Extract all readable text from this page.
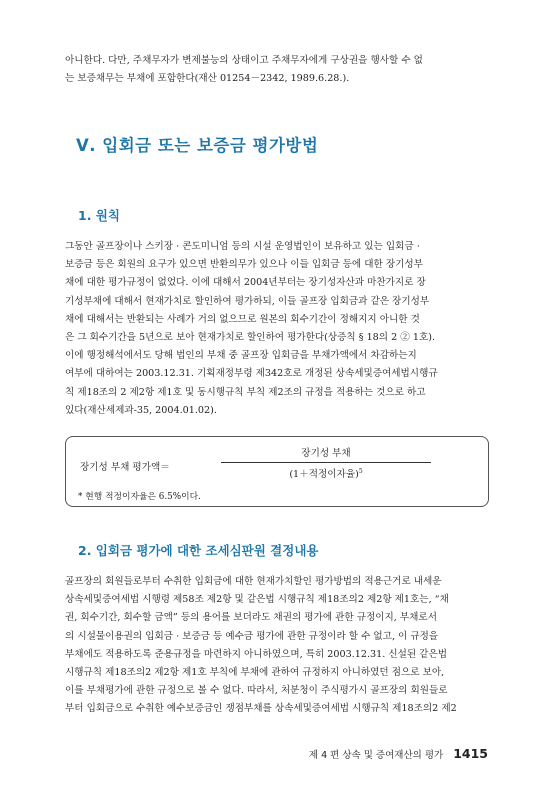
아니한다. 다만, 주채무자가 변제불능의 상태이고 주채무자에게 구상권을 행사할 수 없
는 보증채무는 부채에 포함한다(재산 01254－2342, 1989.6.28.).
Ⅴ. 입회금 또는 보증금 평가방법
1. 원칙
그동안 골프장이나 스키장 · 콘도미니엄 등의 시설 운영법인이 보유하고 있는 입회금 ·
보증금 등은 회원의 요구가 있으면 반환의무가 있으나 이들 입회금 등에 대한 장기성부
채에 대한 평가규정이 없었다. 이에 대해서 2004년부터는 장기성자산과 마찬가지로 장
기성부채에 대해서 현재가치로 할인하여 평가하되, 이들 골프장 입회금과 같은 장기성부
채에 대해서는 반환되는 사례가 거의 없으므로 원본의 회수기간이 정해지지 아니한 것
은 그 회수기간을 5년으로 보아 현재가치로 할인하여 평가한다(상증칙 § 18의 2 ② 1호).
이에 행정해석에서도 당해 법인의 부채 중 골프장 입회금을 부채가액에서 차감하는지
여부에 대하여는 2003.12.31. 기획재정부령 제342호로 개정된 상속세및증여세법시행규
칙 제18조의 2 제2항 제1호 및 동시행규칙 부칙 제2조의 규정을 적용하는 것으로 하고
있다(재산세제과-35, 2004.01.02).
장기성 부채 평가액＝
장기성 부채
(1＋적정이자율)$^5$
* 현행 적정이자율은 6.5%이다.
2. 입회금 평가에 대한 조세심판원 결정내용
골프장의 회원들로부터 수취한 입회금에 대한 현재가치할인 평가방법의 적용근거로 내세운
상속세및증여세법 시행령 제58조 제2항 및 같은법 시행규칙 제18조의2 제2항 제1호는, “채
권, 회수기간, 회수할 금액” 등의 용어를 보더라도 채권의 평가에 관한 규정이지, 부채로서
의 시설물이용권의 입회금 · 보증금 등 예수금 평가에 관한 규정이라 할 수 없고, 이 규정을
부채에도 적용하도록 준용규정을 마련하지 아니하였으며, 특히 2003.12.31. 신설된 같은법
시행규칙 제18조의2 제2항 제1호 부칙에 부채에 관하여 규정하지 아니하였던 점으로 보아,
이를 부채평가에 관한 규정으로 볼 수 없다. 따라서, 처분청이 주식평가시 골프장의 회원들로
부터 입회금으로 수취한 예수보증금인 쟁점부채를 상속세및증여세법 시행규칙 제18조의2 제2
제 4 편 상속 및 증여재산의 평가 1415
